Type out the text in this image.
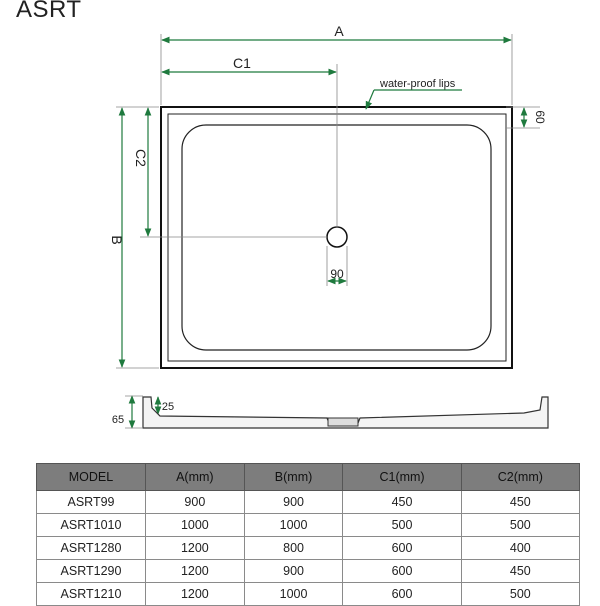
ASRT
A
C1
B
C2
water-proof lips
60
90
65
25
MODEL	A(mm)	B(mm)	C1(mm)	C2(mm)
ASRT99	900	900	450	450
ASRT1010	1000	1000	500	500
ASRT1280	1200	800	600	400
ASRT1290	1200	900	600	450
ASRT1210	1200	1000	600	500
